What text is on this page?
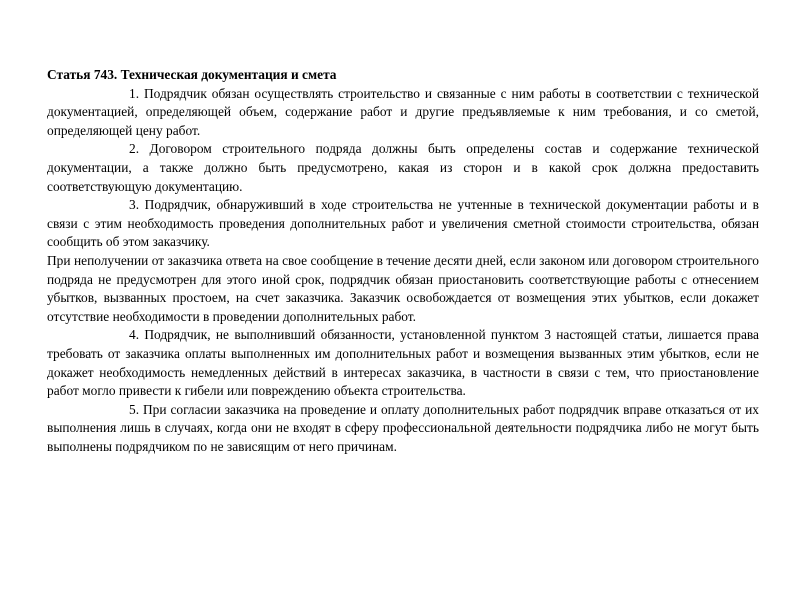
Статья 743. Техническая документация и смета

1. Подрядчик обязан осуществлять строительство и связанные с ним работы в соответствии с технической документацией, определяющей объем, содержание работ и другие предъявляемые к ним требования, и со сметой, определяющей цену работ.

2. Договором строительного подряда должны быть определены состав и содержание технической документации, а также должно быть предусмотрено, какая из сторон и в какой срок должна предоставить соответствующую документацию.

3. Подрядчик, обнаруживший в ходе строительства не учтенные в технической документации работы и в связи с этим необходимость проведения дополнительных работ и увеличения сметной стоимости строительства, обязан сообщить об этом заказчику.

При неполучении от заказчика ответа на свое сообщение в течение десяти дней, если законом или договором строительного подряда не предусмотрен для этого иной срок, подрядчик обязан приостановить соответствующие работы с отнесением убытков, вызванных простоем, на счет заказчика. Заказчик освобождается от возмещения этих убытков, если докажет отсутствие необходимости в проведении дополнительных работ.

4. Подрядчик, не выполнивший обязанности, установленной пунктом 3 настоящей статьи, лишается права требовать от заказчика оплаты выполненных им дополнительных работ и возмещения вызванных этим убытков, если не докажет необходимость немедленных действий в интересах заказчика, в частности в связи с тем, что приостановление работ могло привести к гибели или повреждению объекта строительства.

5. При согласии заказчика на проведение и оплату дополнительных работ подрядчик вправе отказаться от их выполнения лишь в случаях, когда они не входят в сферу профессиональной деятельности подрядчика либо не могут быть выполнены подрядчиком по не зависящим от него причинам.
